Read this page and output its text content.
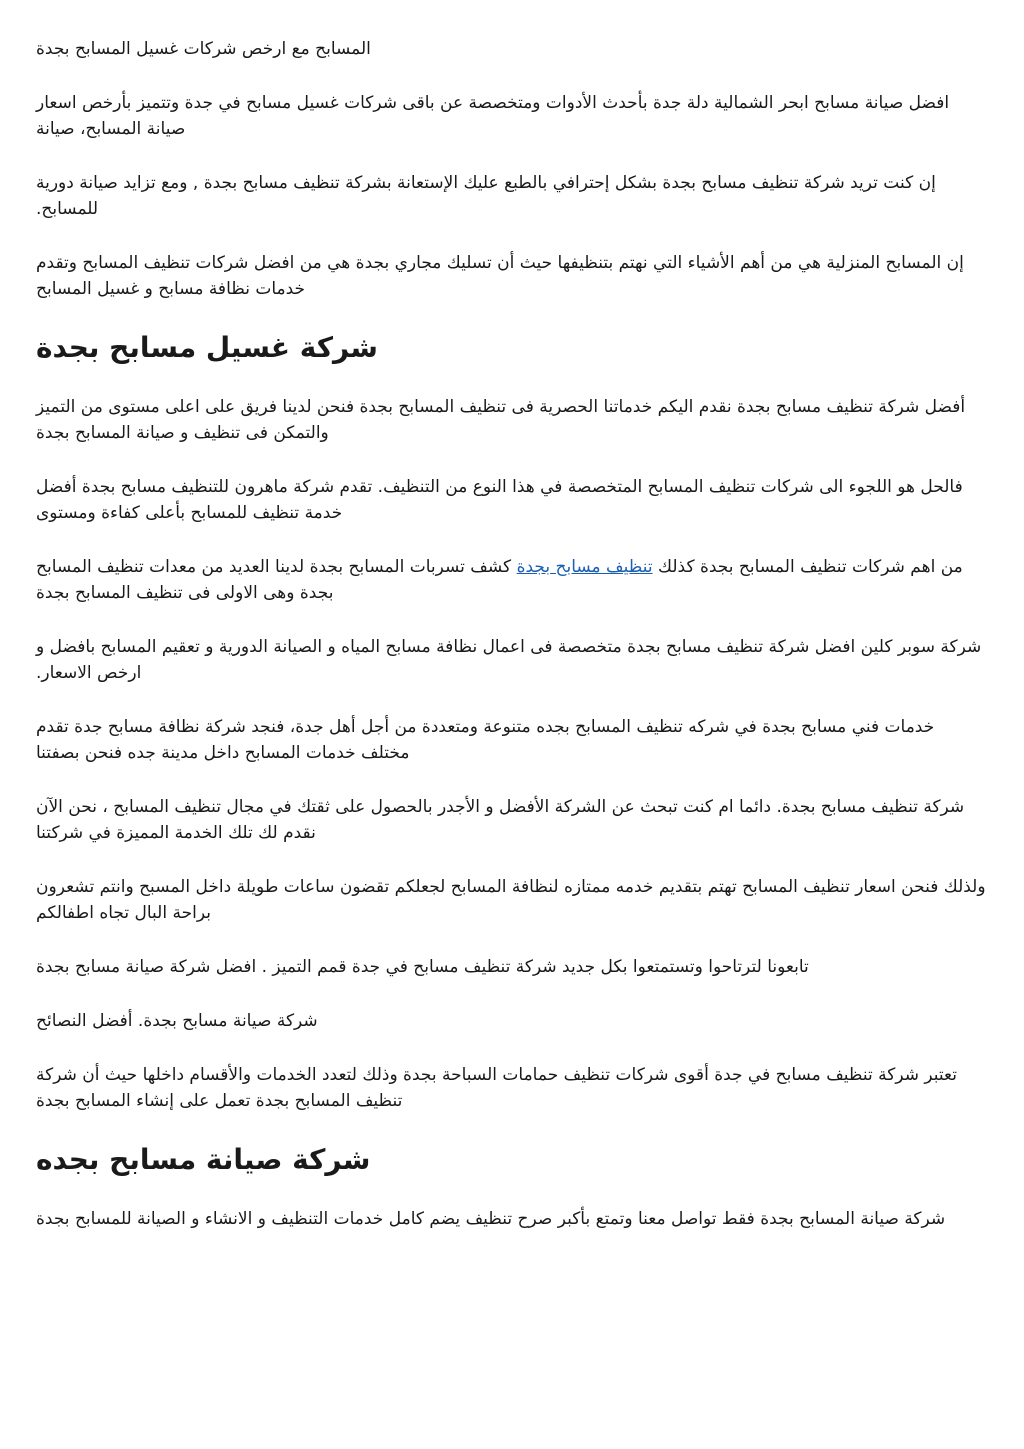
المسابح مع ارخص شركات غسيل المسابح بجدة

افضل صيانة مسابح ابحر الشمالية دلة جدة بأحدث الأدوات ومتخصصة عن باقى شركات غسيل مسابح في جدة وتتميز بأرخص اسعار صيانة المسابح، صيانة

إن كنت تريد شركة تنظيف مسابح بجدة بشكل إحترافي بالطبع عليك الإستعانة بشركة تنظيف مسابح بجدة , ومع تزايد صيانة دورية للمسابح.

إن المسابح المنزلية هي من أهم الأشياء التي نهتم بتنظيفها حيث أن تسليك مجاري بجدة هي من افضل شركات تنظيف المسابح وتقدم خدمات نظافة مسابح و غسيل المسابح

شركة غسيل مسابح بجدة

أفضل شركة تنظيف مسابح بجدة نقدم اليكم خدماتنا الحصرية فى تنظيف المسابح بجدة فنحن لدينا فريق على اعلى مستوى من التميز والتمكن فى تنظيف و صيانة المسابح بجدة

فالحل هو اللجوء الى شركات تنظيف المسابح المتخصصة في هذا النوع من التنظيف. تقدم شركة ماهرون للتنظيف مسابح بجدة أفضل خدمة تنظيف للمسابح بأعلى كفاءة ومستوى

من اهم شركات تنظيف المسابح بجدة كذلك تنظيف مسابح بجدة كشف تسربات المسابح بجدة لدينا العديد من معدات تنظيف المسابح بجدة وهى الاولى فى تنظيف المسابح بجدة

شركة سوبر كلين افضل شركة تنظيف مسابح بجدة متخصصة فى اعمال نظافة مسابح المياه و الصيانة الدورية و تعقيم المسابح بافضل و ارخص الاسعار.

خدمات فني مسابح بجدة في شركه تنظيف المسابح بجده متنوعة ومتعددة من أجل أهل جدة، فنجد شركة نظافة مسابح جدة تقدم مختلف خدمات المسابح داخل مدينة جده فنحن بصفتنا

شركة تنظيف مسابح بجدة. دائما ام كنت تبحث عن الشركة الأفضل و الأجدر بالحصول على ثقتك في مجال تنظيف المسابح ، نحن الآن نقدم لك تلك الخدمة المميزة في شركتنا

ولذلك فنحن اسعار تنظيف المسابح تهتم بتقديم خدمه ممتازه لنظافة المسابح لجعلكم تقضون ساعات طويلة داخل المسبح وانتم تشعرون براحة البال تجاه اطفالكم

تابعونا لترتاحوا وتستمتعوا بكل جديد شركة تنظيف مسابح في جدة قمم التميز . افضل شركة صيانة مسابح بجدة

شركة صيانة مسابح بجدة. أفضل النصائح

تعتبر شركة تنظيف مسابح في جدة أقوى شركات تنظيف حمامات السباحة بجدة وذلك لتعدد الخدمات والأقسام داخلها حيث أن شركة تنظيف المسابح بجدة تعمل على إنشاء المسابح بجدة

شركة صيانة مسابح بجده

شركة صيانة المسابح بجدة فقط تواصل معنا وتمتع بأكبر صرح تنظيف يضم كامل خدمات التنظيف و الانشاء و الصيانة للمسابح بجدة
